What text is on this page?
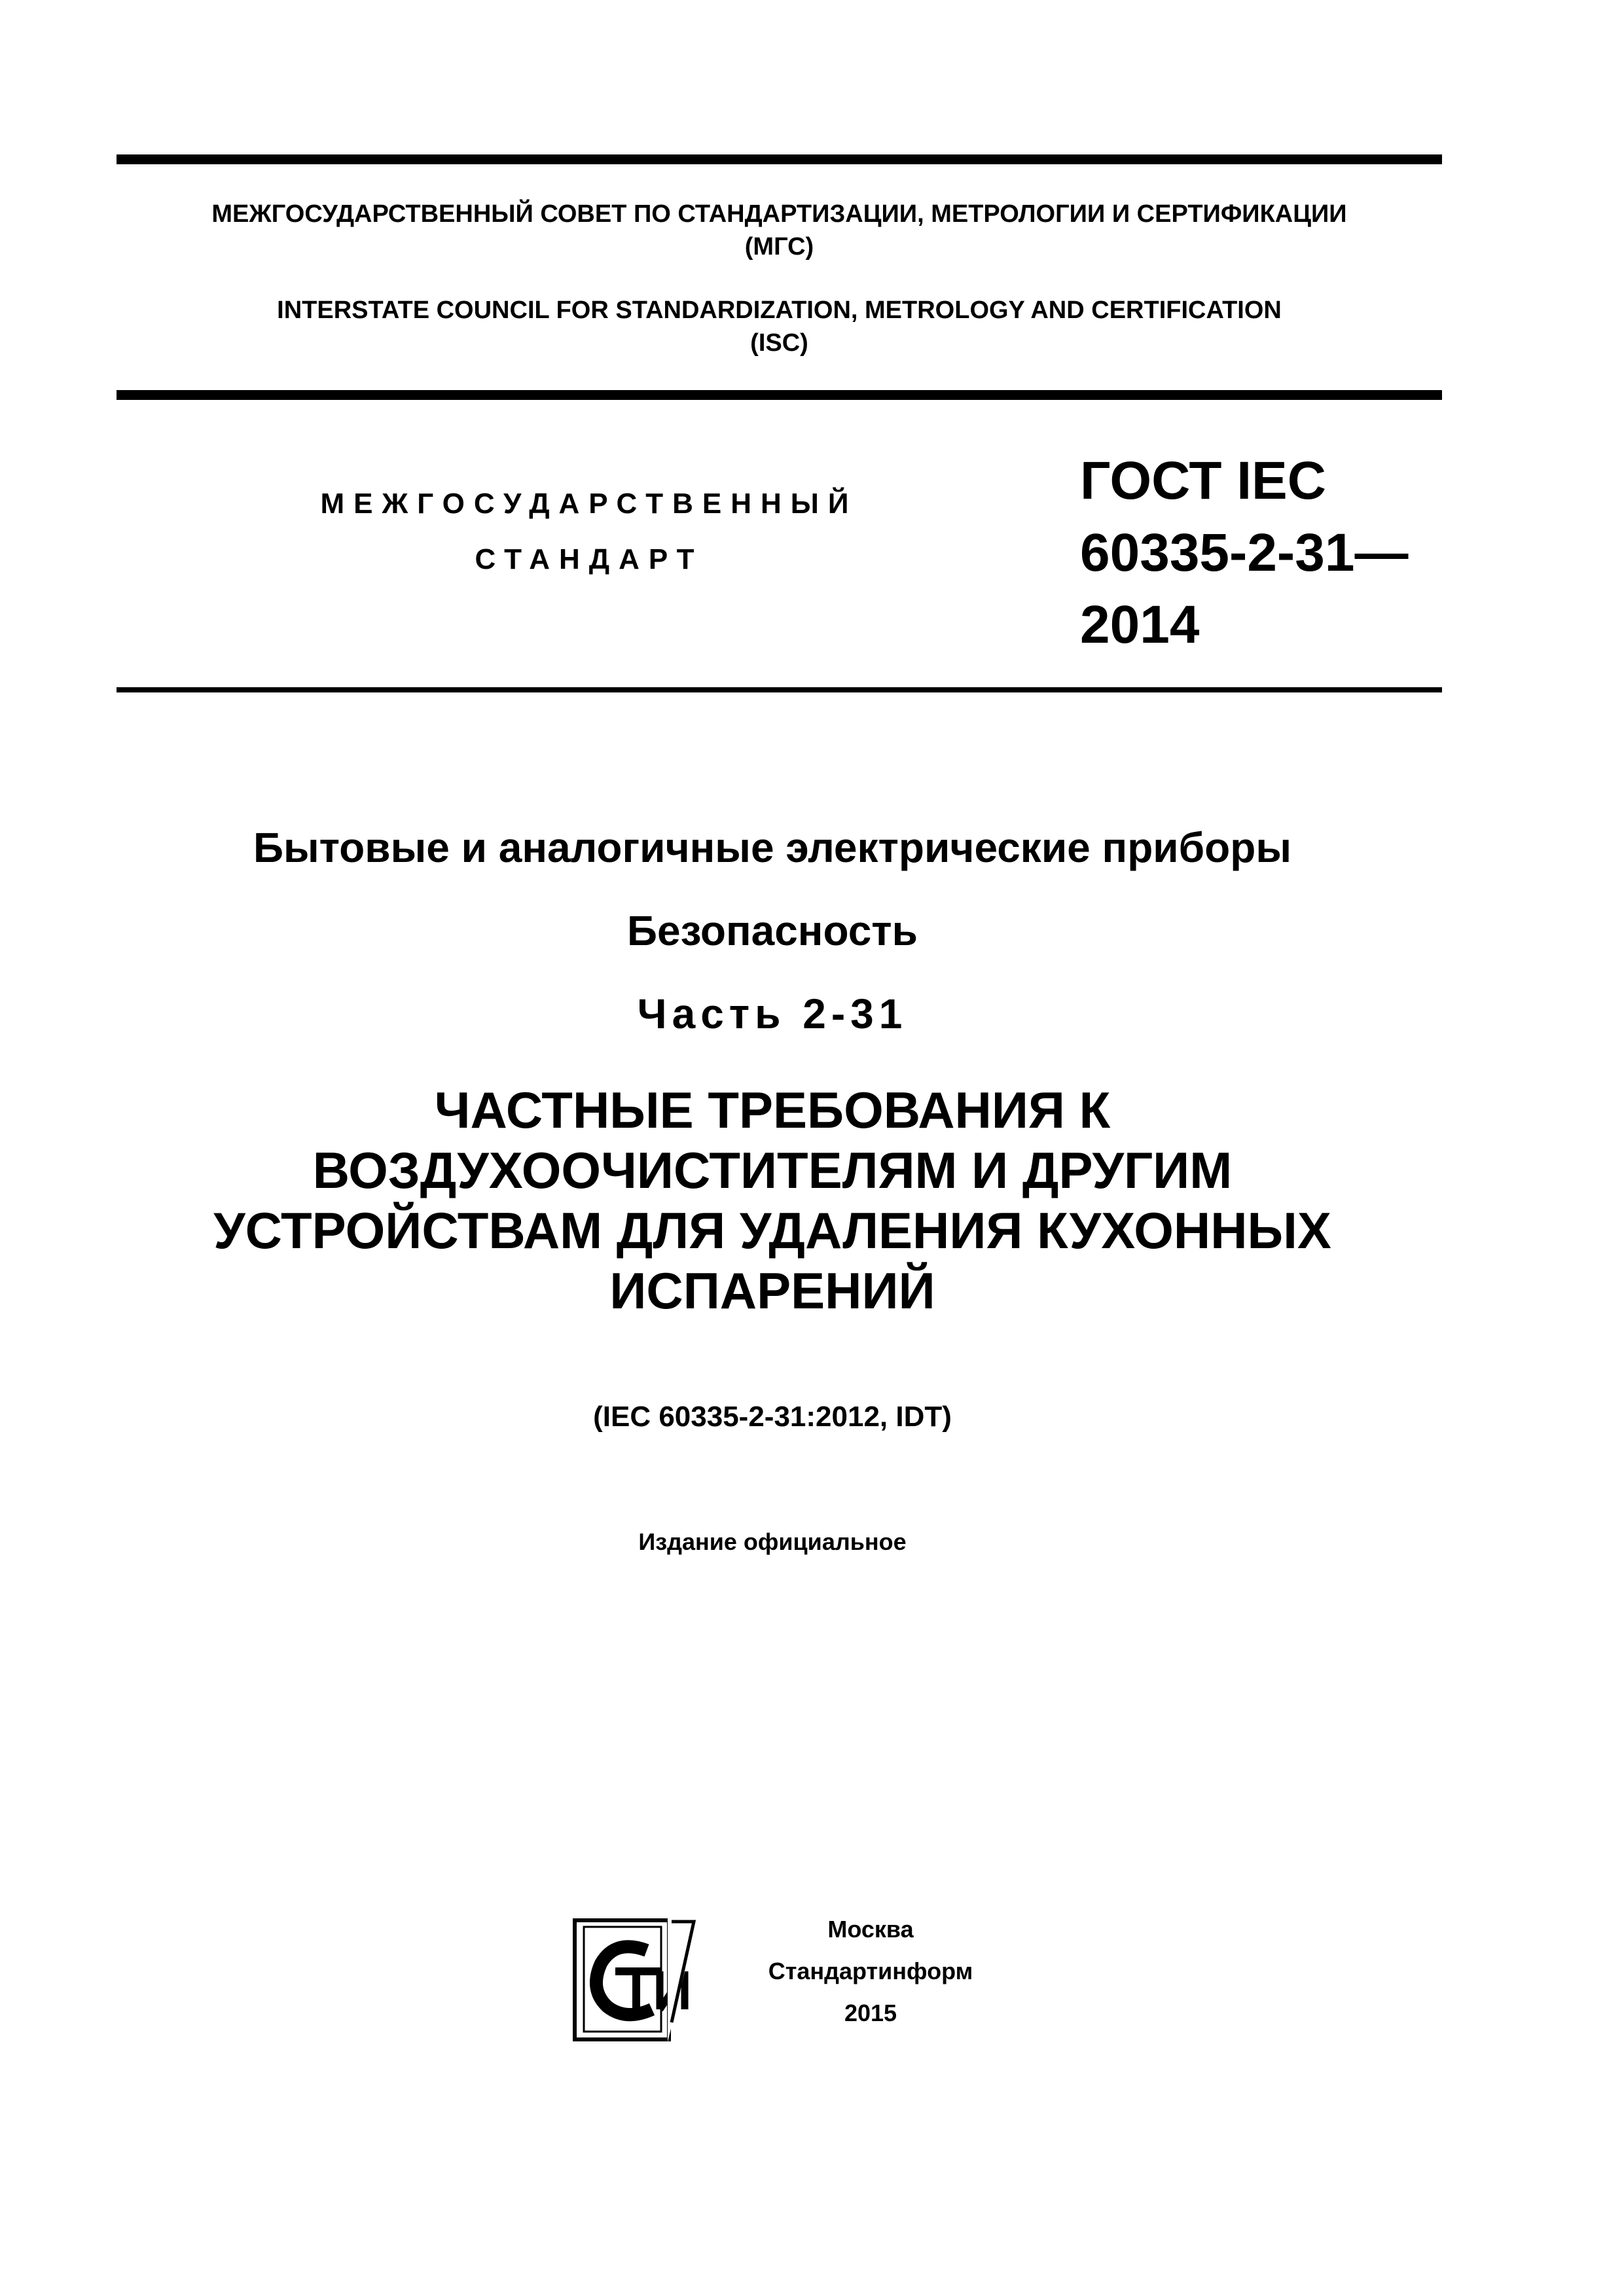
МЕЖГОСУДАРСТВЕННЫЙ СОВЕТ ПО СТАНДАРТИЗАЦИИ, МЕТРОЛОГИИ И СЕРТИФИКАЦИИ
(МГС)
INTERSTATE COUNCIL FOR STANDARDIZATION, METROLOGY AND CERTIFICATION
(ISC)
МЕЖГОСУДАРСТВЕННЫЙ
СТАНДАРТ
ГОСТ IEC
60335-2-31—
2014
Бытовые и аналогичные электрические приборы
Безопасность
Часть 2-31
ЧАСТНЫЕ ТРЕБОВАНИЯ К
ВОЗДУХООЧИСТИТЕЛЯМ И ДРУГИМ
УСТРОЙСТВАМ ДЛЯ УДАЛЕНИЯ КУХОННЫХ
ИСПАРЕНИЙ
(IEC 60335-2-31:2012, IDT)
Издание официальное
Москва
Стандартинформ
2015
